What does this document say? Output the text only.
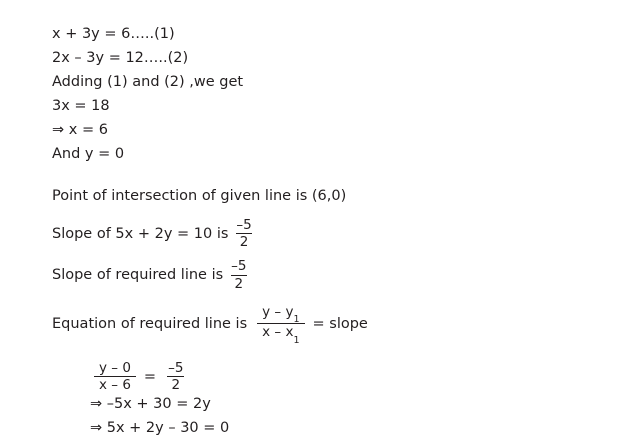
x + 3y = 6…..(1)
2x – 3y = 12…..(2)
Adding (1) and (2) ,we get
3x = 18
⇒ x = 6
And y = 0
Point of intersection of given line is (6,0)
Slope of 5x + 2y = 10 is $\frac{-5}{2}$
Slope of required line is $\frac{-5}{2}$
Equation of required line is $\frac{y - y_1}{x - x_1}$ = slope
$\frac{y - 0}{x - 6} = \frac{-5}{2}$
⇒ –5x + 30 = 2y
⇒ 5x + 2y – 30 = 0
